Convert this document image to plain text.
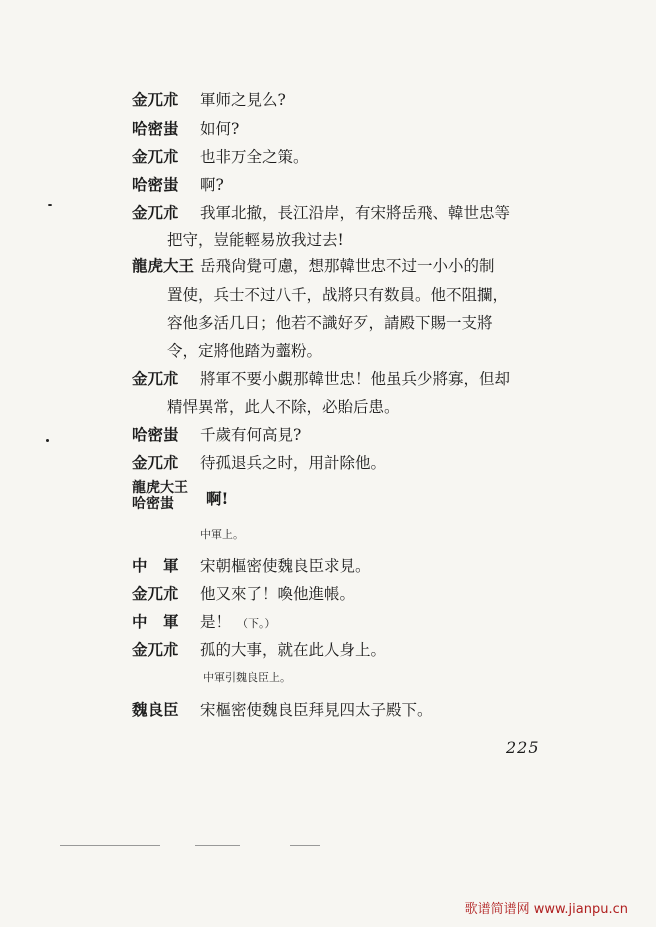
金兀朮 軍师之見么?
哈密蚩 如何?
金兀朮 也非万全之策。
哈密蚩 啊?
金兀朮 我軍北撤，長江沿岸，有宋將岳飛、韓世忠等
把守，豈能輕易放我过去!
龍虎大王 岳飛尙覺可慮，想那韓世忠不过一小小的制
置使，兵士不过八千，战將只有数員。他不阻攔，
容他多活几日；他若不識好歹，請殿下賜一支將
令，定將他踏为虀粉。
金兀朮 將軍不要小覷那韓世忠！他虽兵少將寡，但却
精悍異常，此人不除，必貽后患。
哈密蚩 千歲有何高見?
金兀朮 待孤退兵之时，用計除他。
龍虎大王
哈密蚩	啊!
中軍上。
中　軍 宋朝樞密使魏良臣求見。
金兀朮 他又來了！喚他進帳。
中　軍 是！ （下。）
金兀朮 孤的大事，就在此人身上。
中軍引魏良臣上。
魏良臣 宋樞密使魏良臣拜見四太子殿下。
225
歌谱简谱网 www.jianpu.cn
